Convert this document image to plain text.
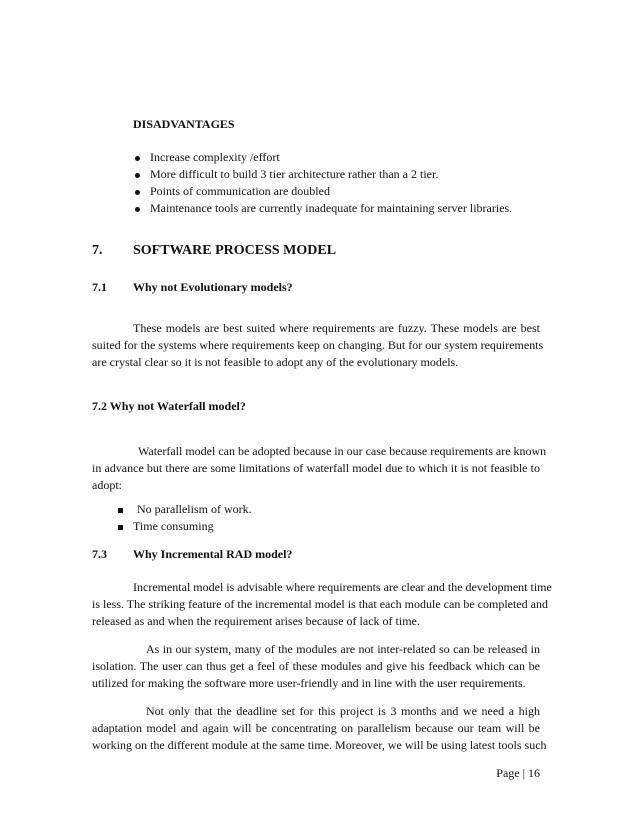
DISADVANTAGES
Increase complexity /effort
More difficult to build 3 tier architecture rather than a 2 tier.
Points of communication are doubled
Maintenance tools are currently inadequate for maintaining server libraries.
7. SOFTWARE PROCESS MODEL
7.1 Why not Evolutionary models?
These models are best suited where requirements are fuzzy. These models are best
suited for the systems where requirements keep on changing. But for our system requirements
are crystal clear so it is not feasible to adopt any of the evolutionary models.
7.2 Why not Waterfall model?
Waterfall model can be adopted because in our case because requirements are known
in advance but there are some limitations of waterfall model due to which it is not feasible to
adopt:
No parallelism of work.
Time consuming
7.3 Why Incremental RAD model?
Incremental model is advisable where requirements are clear and the development time
is less. The striking feature of the incremental model is that each module can be completed and
released as and when the requirement arises because of lack of time.
As in our system, many of the modules are not inter-related so can be released in
isolation. The user can thus get a feel of these modules and give his feedback which can be
utilized for making the software more user-friendly and in line with the user requirements.
Not only that the deadline set for this project is 3 months and we need a high
adaptation model and again will be concentrating on parallelism because our team will be
working on the different module at the same time. Moreover, we will be using latest tools such
Page | 16
